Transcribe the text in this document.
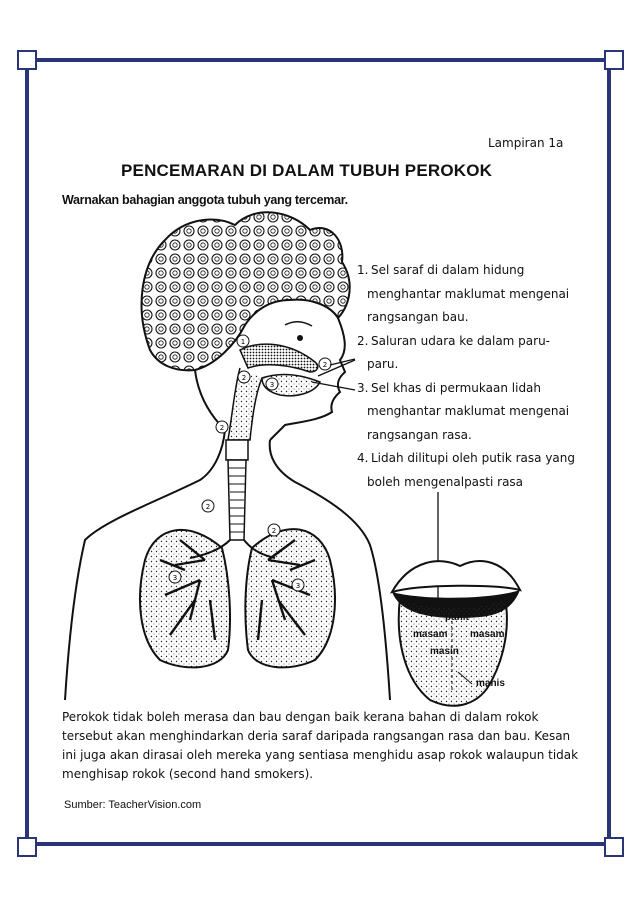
Lampiran 1a
PENCEMARAN DI DALAM TUBUH PEROKOK
Warnakan bahagian anggota tubuh yang tercemar.
1
2
2
3
2
2
3
2
3
pahit
masam masam
masin
manis
1. Sel saraf di dalam hidung
menghantar maklumat mengenai
rangsangan bau.
2. Saluran udara ke dalam paru-
paru.
3. Sel khas di permukaan lidah
menghantar maklumat mengenai
rangsangan rasa.
4. Lidah dilitupi oleh putik rasa yang
boleh mengenalpasti rasa
Perokok tidak boleh merasa dan bau dengan baik kerana bahan di dalam rokok tersebut akan menghindarkan deria saraf daripada rangsangan rasa dan bau. Kesan ini juga akan dirasai oleh mereka yang sentiasa menghidu asap rokok walaupun tidak menghisap rokok (second hand smokers).
Sumber: TeacherVision.com
